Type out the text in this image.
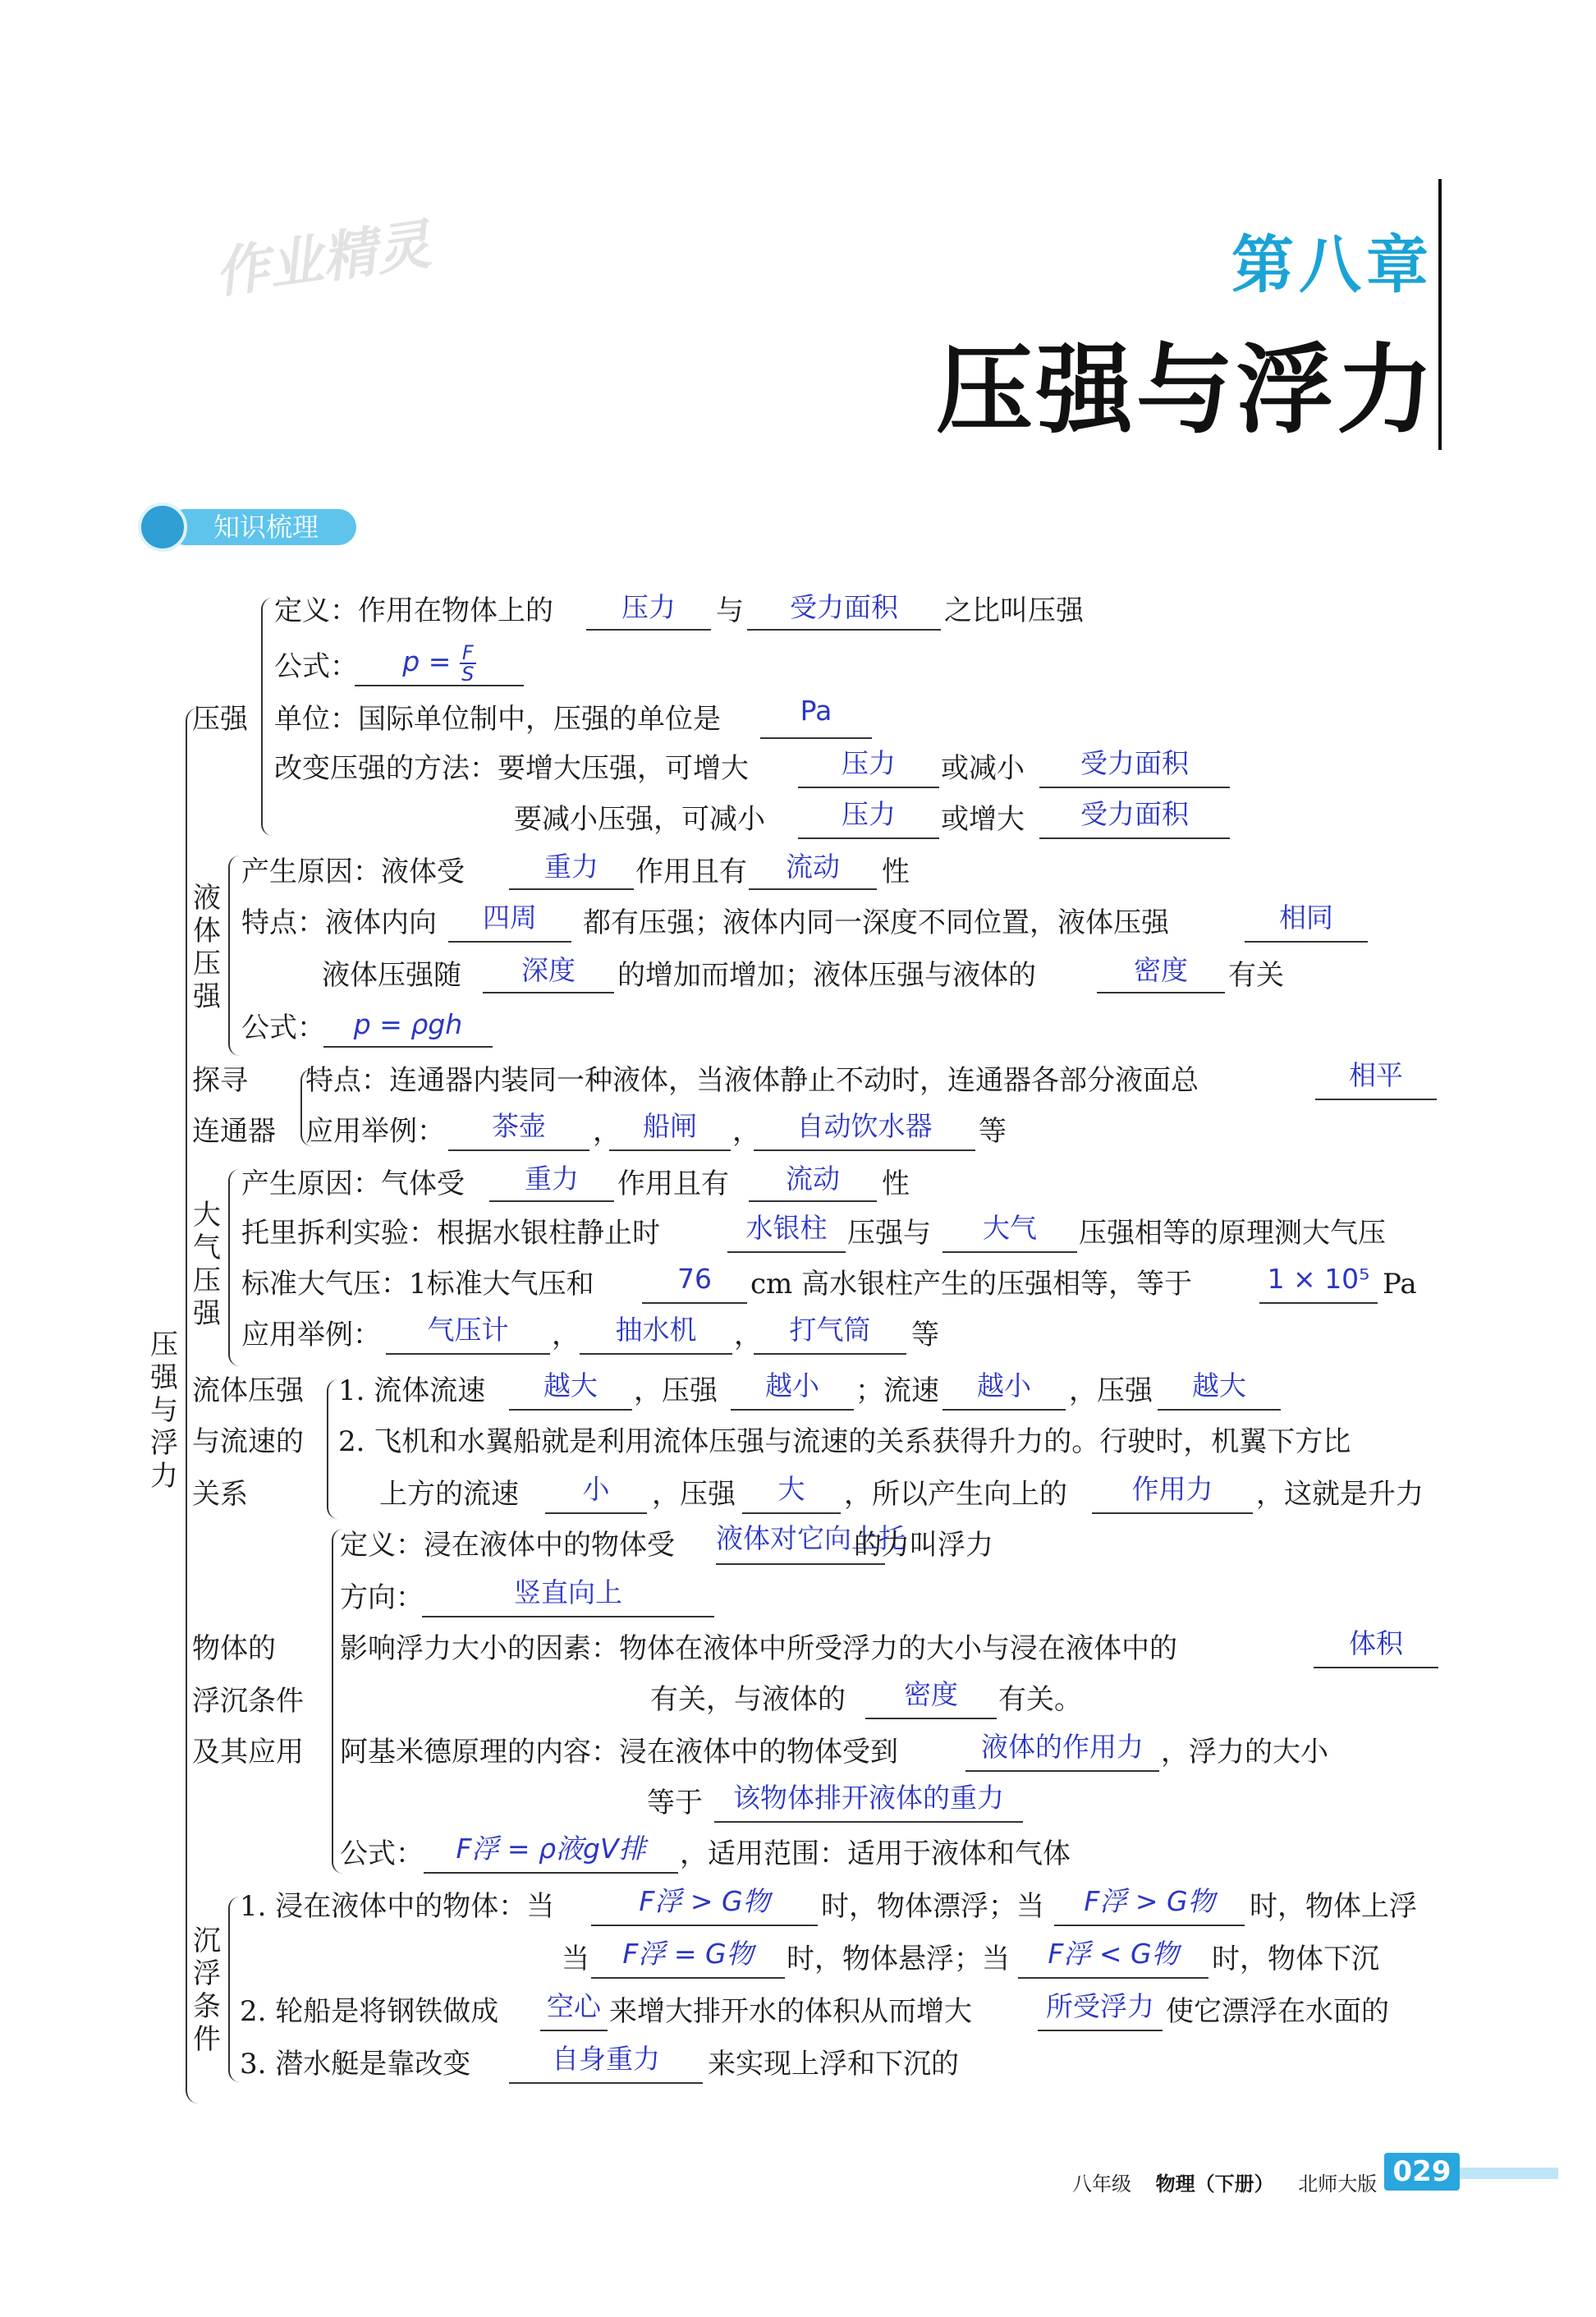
作业精灵	第八章
压强与浮力
知识梳理
压强与浮力
压强
定义：作用在物体上的	压力	与	受力面积	之比叫压强
公式：	$p = \frac{F}{S}$
单位：国际单位制中，压强的单位是	Pa
改变压强的方法：要增大压强，可增大	压力	或减小	受力面积
要减小压强，可减小	压力	或增大	受力面积
液体压强
产生原因：液体受	重力	作用且有	流动	性
特点：液体内向	四周	都有压强；液体内同一深度不同位置，液体压强	相同
液体压强随	深度	的增加而增加；液体压强与液体的	密度	有关
公式：	p = ρgh
探寻
连通器
特点：连通器内装同一种液体，当液体静止不动时，连通器各部分液面总	相平
应用举例：	茶壶	， 船闸	，	自动饮水器	等
大气压强
产生原因：气体受	重力	作用且有	流动	性
托里拆利实验：根据水银柱静止时	水银柱 压强与	大气	压强相等的原理测大气压
标准大气压：1标准大气压和	76	cm 高水银柱产生的压强相等，等于	1 × 10⁵ Pa
应用举例：	气压计	，	抽水机	，	打气筒	等
流体压强
与流速的
关系
1. 流体流速	越大	，压强	越小	；流速	越小	，压强	越大
2. 飞机和水翼船就是利用流体压强与流速的关系获得升力的。行驶时，机翼下方比
上方的流速	小	，压强	大	，所以产生向上的	作用力	，这就是升力
物体的
浮沉条件
及其应用
定义：浸在液体中的物体受 液体对它向上托
的力叫浮力
方向：	竖直向上
影响浮力大小的因素：物体在液体中所受浮力的大小与浸在液体中的	体积
有关，与液体的	密度	有关。
阿基米德原理的内容：浸在液体中的物体受到	液体的作用力 ，浮力的大小
等于	该物体排开液体的重力
公式：	F浮 = ρ液gV排	，适用范围：适用于液体和气体
沉浮条件
1. 浸在液体中的物体：当	F浮 > G物	时，物体漂浮；当	F浮 > G物	时，物体上浮
当	F浮 = G物	时，物体悬浮；当	F浮 < G物	时，物体下沉
2. 轮船是将钢铁做成 空心 来增大排开水的体积从而增大	所受浮力 使它漂浮在水面的
3. 潜水艇是靠改变	自身重力	来实现上浮和下沉的
八年级 物理（下册） 北师大版 029
